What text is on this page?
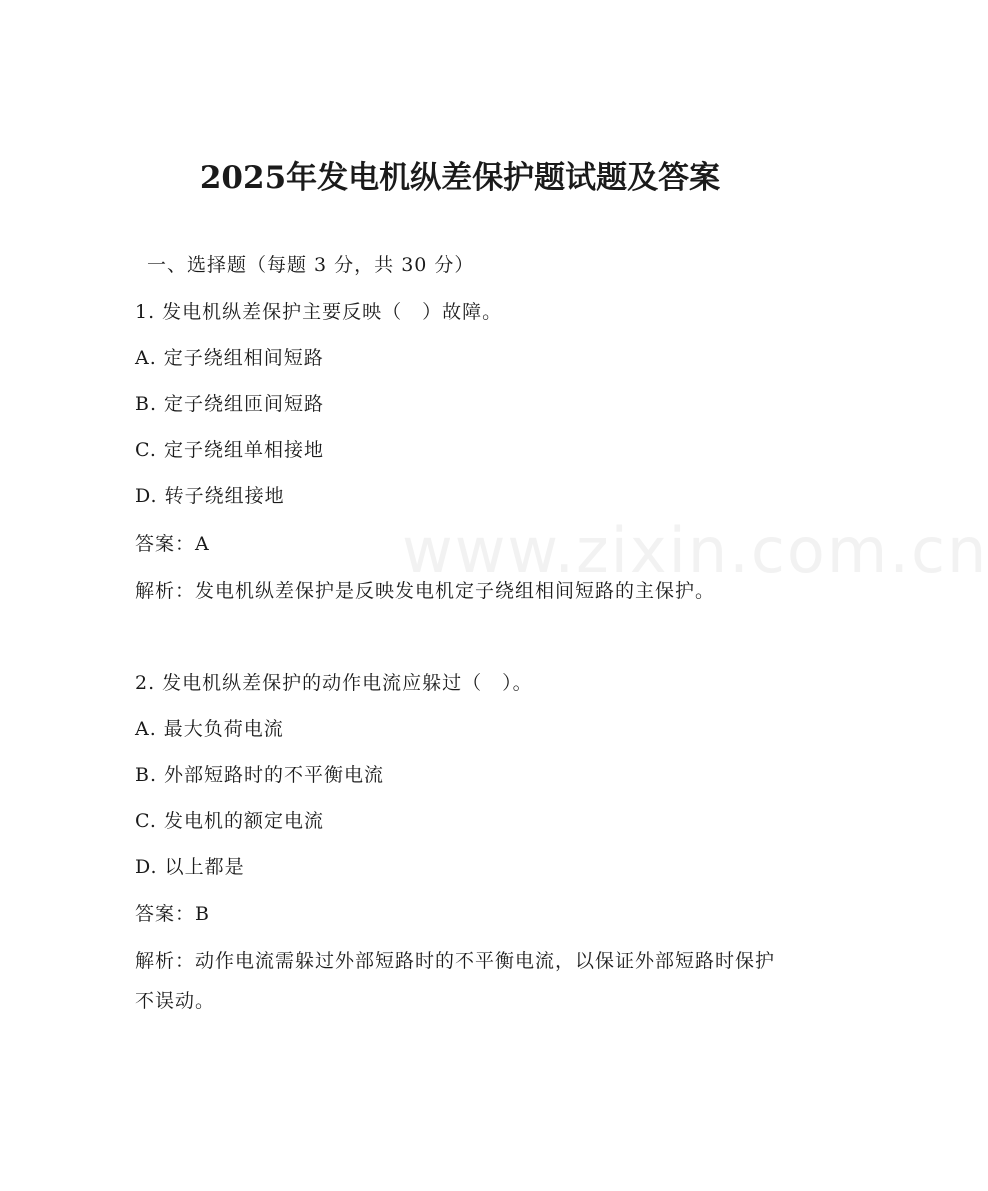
www.zixin.com.cn
2025年发电机纵差保护题试题及答案
一、选择题（每题 3 分，共 30 分）
1. 发电机纵差保护主要反映（　）故障。
A. 定子绕组相间短路
B. 定子绕组匝间短路
C. 定子绕组单相接地
D. 转子绕组接地
答案：A
解析：发电机纵差保护是反映发电机定子绕组相间短路的主保护。
2. 发电机纵差保护的动作电流应躲过（　）。
A. 最大负荷电流
B. 外部短路时的不平衡电流
C. 发电机的额定电流
D. 以上都是
答案：B
解析：动作电流需躲过外部短路时的不平衡电流，以保证外部短路时保护不误动。
